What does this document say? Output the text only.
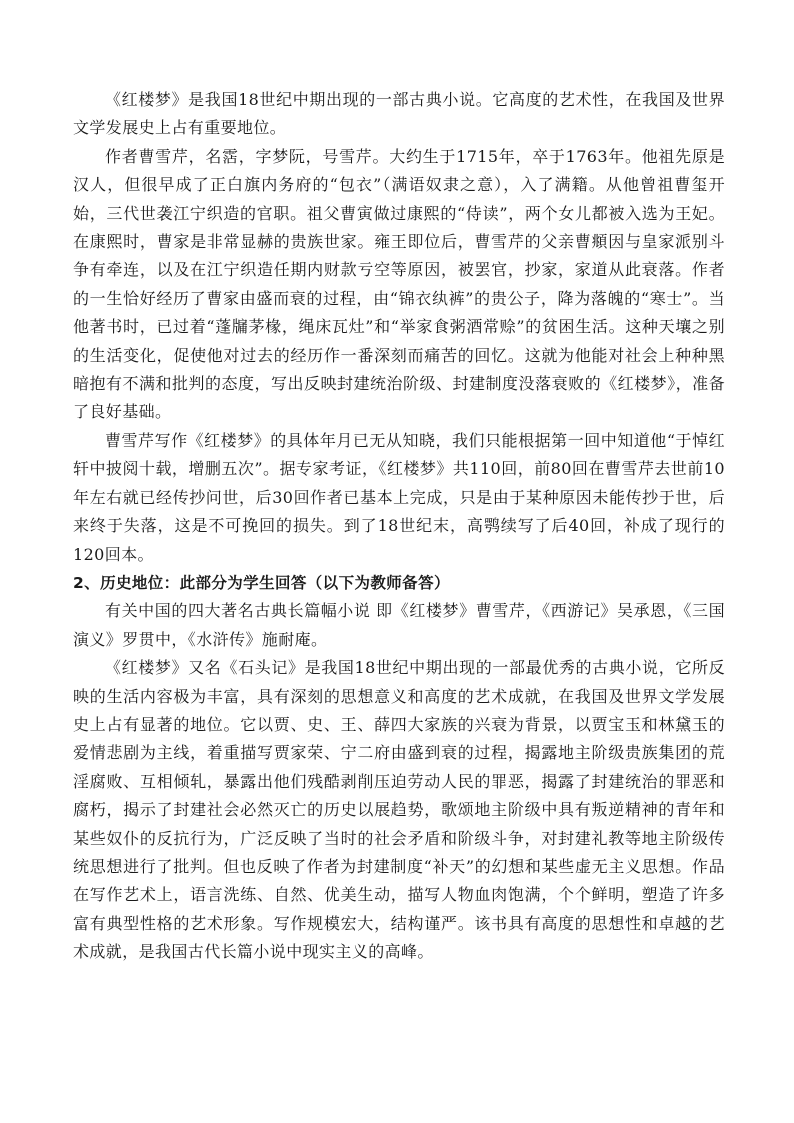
《红楼梦》是我国18世纪中期出现的一部古典小说。它高度的艺术性，在我国及世界文学发展史上占有重要地位。

作者曹雪芹，名霑，字梦阮，号雪芹。大约生于1715年，卒于1763年。他祖先原是汉人，但很早成了正白旗内务府的“包衣”（满语奴隶之意），入了满籍。从他曾祖曹玺开始，三代世袭江宁织造的官职。祖父曹寅做过康熙的“侍读”，两个女儿都被入选为王妃。在康熙时，曹家是非常显赫的贵族世家。雍王即位后，曹雪芹的父亲曹頫因与皇家派别斗争有牵连，以及在江宁织造任期内财款亏空等原因，被罢官，抄家，家道从此衰落。作者的一生恰好经历了曹家由盛而衰的过程，由“锦衣纨裤”的贵公子，降为落魄的“寒士”。当他著书时，已过着“蓬牖茅椽，绳床瓦灶”和“举家食粥酒常赊”的贫困生活。这种天壤之别的生活变化，促使他对过去的经历作一番深刻而痛苦的回忆。这就为他能对社会上种种黑暗抱有不满和批判的态度，写出反映封建统治阶级、封建制度没落衰败的《红楼梦》，准备了良好基础。

曹雪芹写作《红楼梦》的具体年月已无从知晓，我们只能根据第一回中知道他“于悼红轩中披阅十载，增删五次”。据专家考证，《红楼梦》共110回，前80回在曹雪芹去世前10年左右就已经传抄问世，后30回作者已基本上完成，只是由于某种原因未能传抄于世，后来终于失落，这是不可挽回的损失。到了18世纪末，高鹗续写了后40回，补成了现行的120回本。

2、历史地位：此部分为学生回答（以下为教师备答）

有关中国的四大著名古典长篇幅小说 即《红楼梦》曹雪芹，《西游记》吴承恩，《三国演义》罗贯中，《水浒传》施耐庵。

《红楼梦》又名《石头记》是我国18世纪中期出现的一部最优秀的古典小说，它所反映的生活内容极为丰富，具有深刻的思想意义和高度的艺术成就，在我国及世界文学发展史上占有显著的地位。它以贾、史、王、薛四大家族的兴衰为背景，以贾宝玉和林黛玉的爱情悲剧为主线，着重描写贾家荣、宁二府由盛到衰的过程，揭露地主阶级贵族集团的荒淫腐败、互相倾轧，暴露出他们残酷剥削压迫劳动人民的罪恶，揭露了封建统治的罪恶和腐朽，揭示了封建社会必然灭亡的历史以展趋势，歌颂地主阶级中具有叛逆精神的青年和某些奴仆的反抗行为，广泛反映了当时的社会矛盾和阶级斗争，对封建礼教等地主阶级传统思想进行了批判。但也反映了作者为封建制度“补天”的幻想和某些虚无主义思想。作品在写作艺术上，语言洗练、自然、优美生动，描写人物血肉饱满，个个鲜明，塑造了许多富有典型性格的艺术形象。写作规模宏大，结构谨严。该书具有高度的思想性和卓越的艺术成就，是我国古代长篇小说中现实主义的高峰。
